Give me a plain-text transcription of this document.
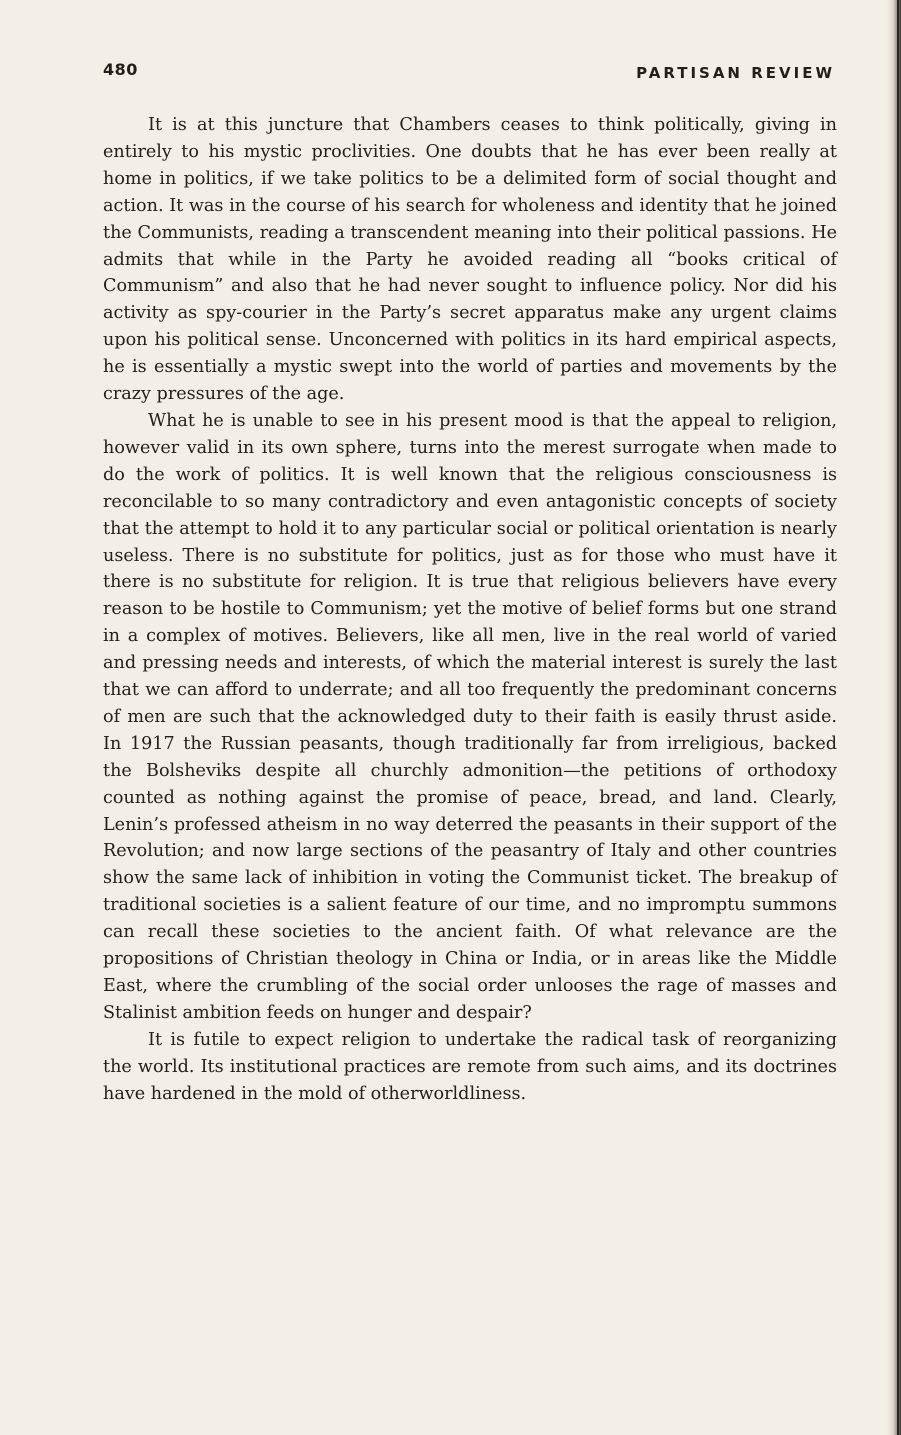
480	PARTISAN REVIEW

It is at this juncture that Chambers ceases to think politically, giving in entirely to his mystic proclivities. One doubts that he has ever been really at home in politics, if we take politics to be a delimited form of social thought and action. It was in the course of his search for wholeness and identity that he joined the Communists, reading a transcendent meaning into their political passions. He admits that while in the Party he avoided reading all “books critical of Communism” and also that he had never sought to influence policy. Nor did his activity as spy-courier in the Party’s secret apparatus make any urgent claims upon his political sense. Unconcerned with politics in its hard empirical aspects, he is essentially a mystic swept into the world of parties and movements by the crazy pressures of the age.

What he is unable to see in his present mood is that the appeal to religion, however valid in its own sphere, turns into the merest surrogate when made to do the work of politics. It is well known that the religious consciousness is reconcilable to so many contradictory and even antagonistic concepts of society that the attempt to hold it to any particular social or political orientation is nearly useless. There is no substitute for politics, just as for those who must have it there is no substitute for religion. It is true that religious believers have every reason to be hostile to Communism; yet the motive of belief forms but one strand in a complex of motives. Believers, like all men, live in the real world of varied and pressing needs and interests, of which the material interest is surely the last that we can afford to underrate; and all too frequently the predominant concerns of men are such that the acknowledged duty to their faith is easily thrust aside. In 1917 the Russian peasants, though traditionally far from irreligious, backed the Bolsheviks despite all churchly admonition—the petitions of orthodoxy counted as nothing against the promise of peace, bread, and land. Clearly, Lenin’s professed atheism in no way deterred the peasants in their support of the Revolution; and now large sections of the peasantry of Italy and other countries show the same lack of inhibition in voting the Communist ticket. The breakup of traditional societies is a salient feature of our time, and no impromptu summons can recall these societies to the ancient faith. Of what relevance are the propositions of Christian theology in China or India, or in areas like the Middle East, where the crumbling of the social order unlooses the rage of masses and Stalinist ambition feeds on hunger and despair?

It is futile to expect religion to undertake the radical task of reorganizing the world. Its institutional practices are remote from such aims, and its doctrines have hardened in the mold of otherworldliness.
